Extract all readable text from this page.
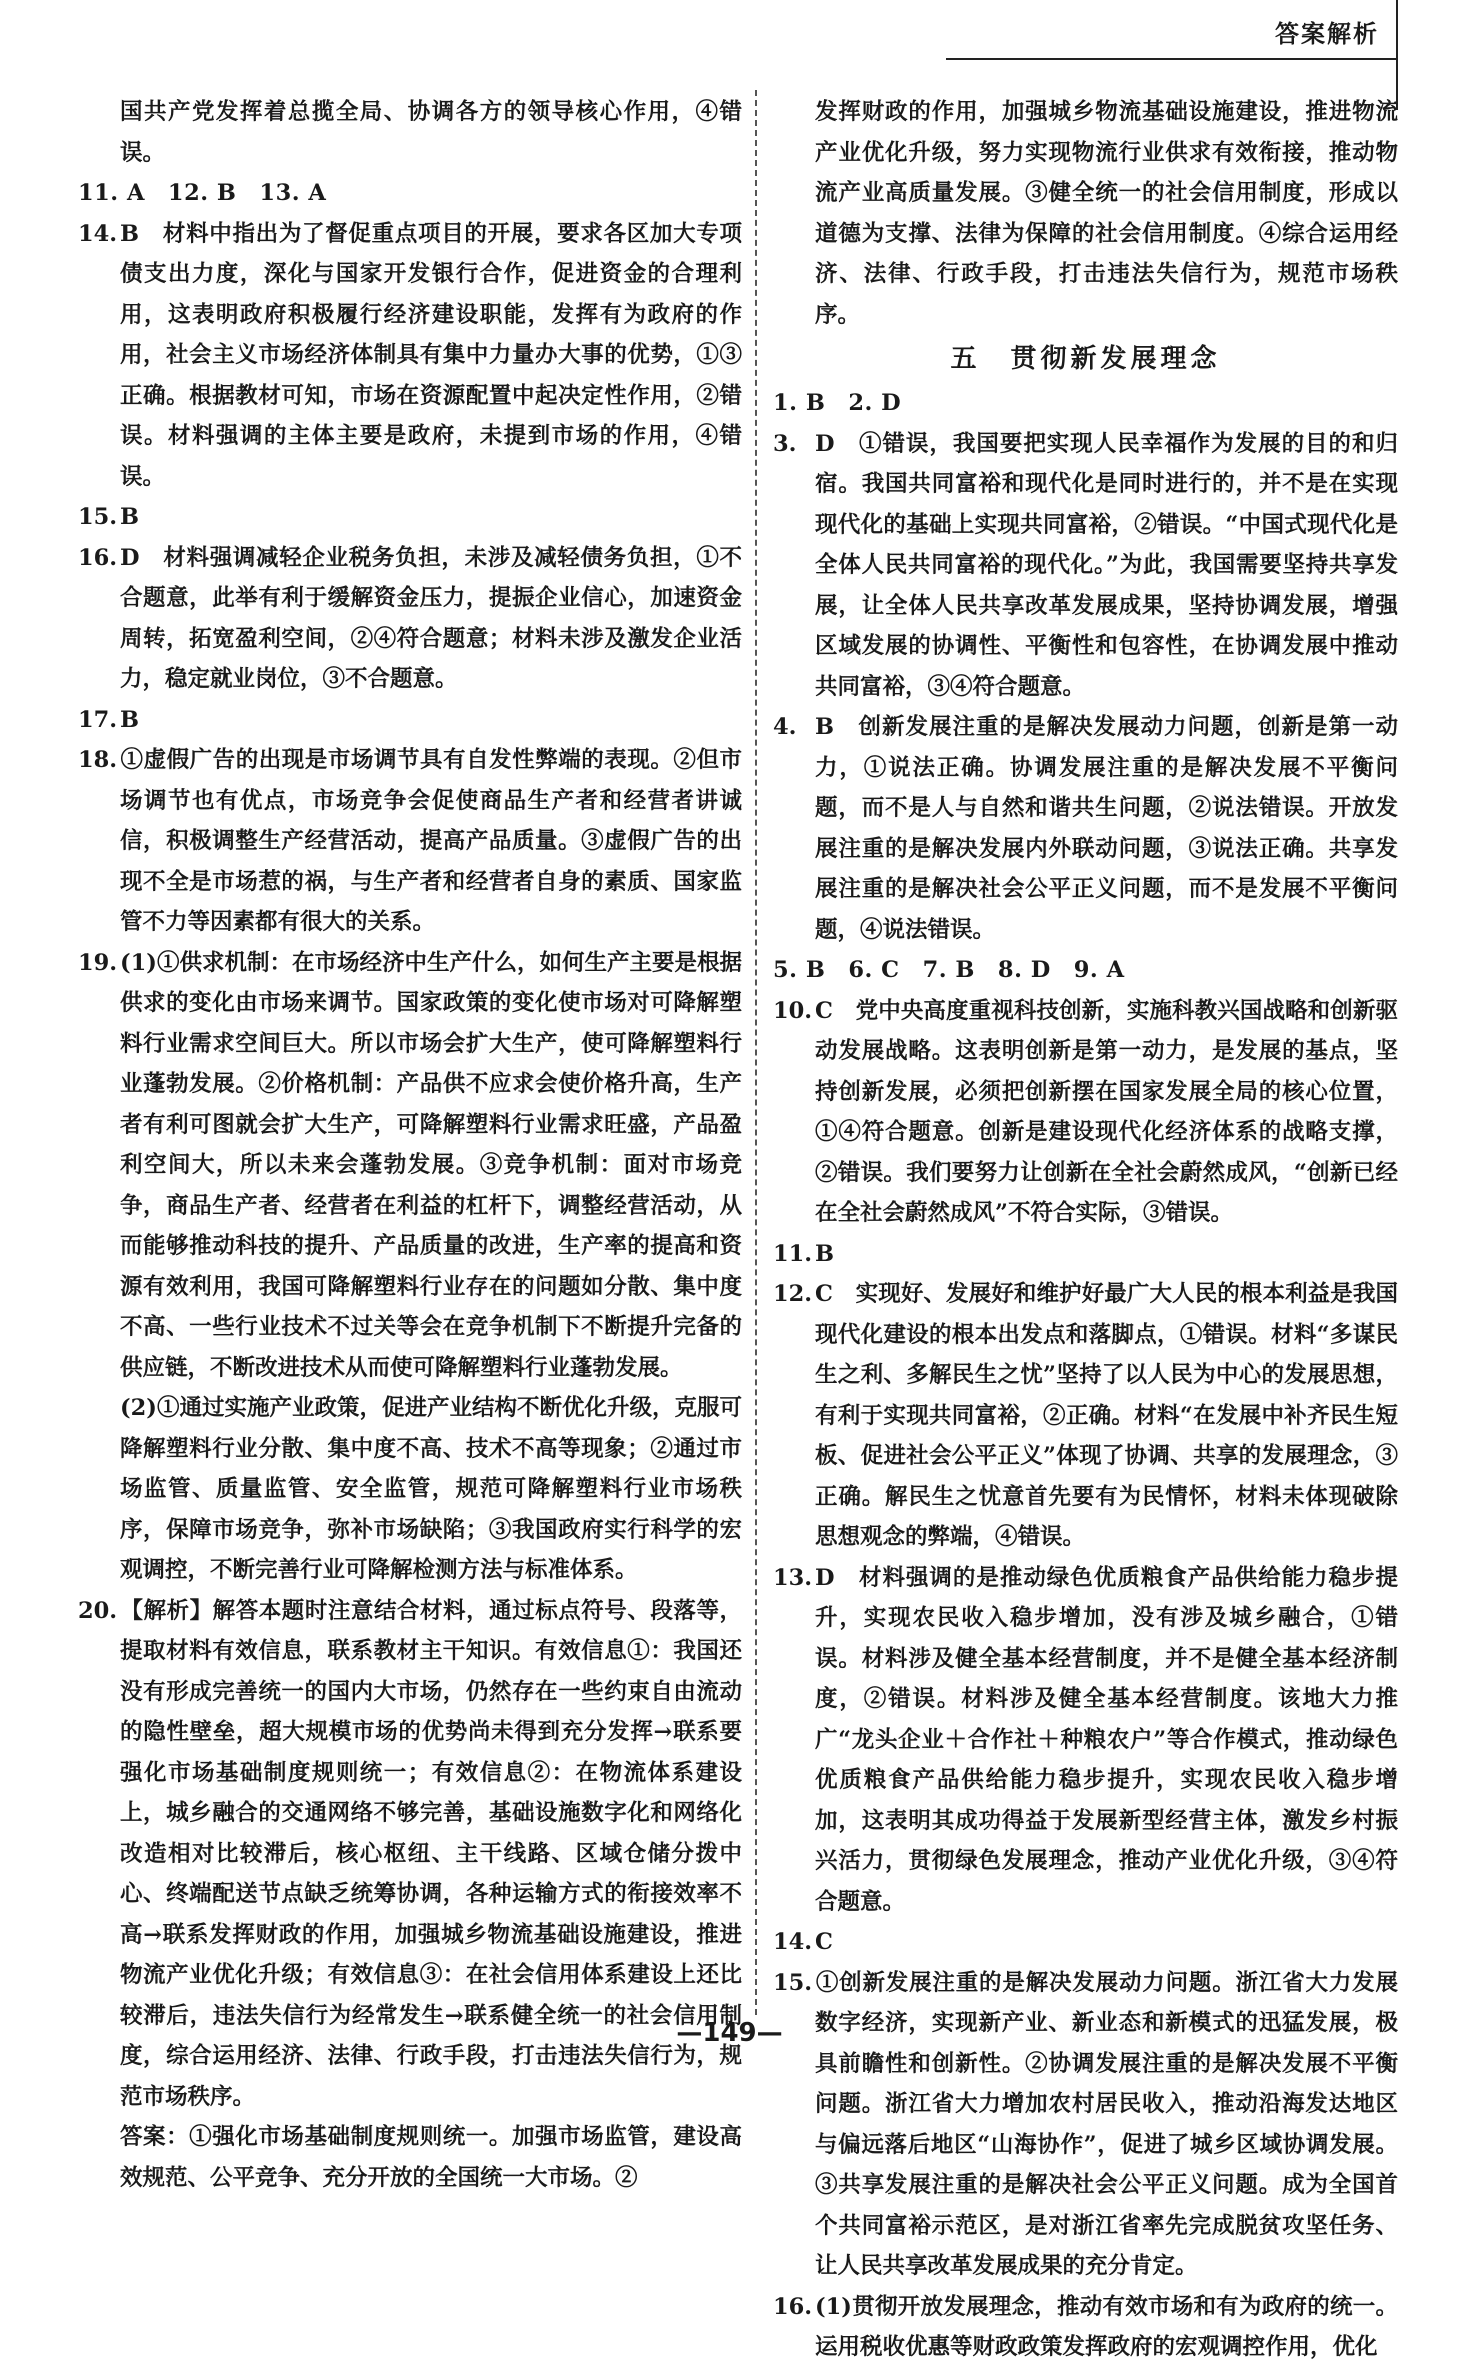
答案解析

国共产党发挥着总揽全局、协调各方的领导核心作用，④错误。

11. A　12. B　13. A

14. B　材料中指出为了督促重点项目的开展，要求各区加大专项债支出力度，深化与国家开发银行合作，促进资金的合理利用，这表明政府积极履行经济建设职能，发挥有为政府的作用，社会主义市场经济体制具有集中力量办大事的优势，①③正确。根据教材可知，市场在资源配置中起决定性作用，②错误。材料强调的主体主要是政府，未提到市场的作用，④错误。

15. B

16. D　材料强调减轻企业税务负担，未涉及减轻债务负担，①不合题意，此举有利于缓解资金压力，提振企业信心，加速资金周转，拓宽盈利空间，②④符合题意；材料未涉及激发企业活力，稳定就业岗位，③不合题意。

17. B

18. ①虚假广告的出现是市场调节具有自发性弊端的表现。②但市场调节也有优点，市场竞争会促使商品生产者和经营者讲诚信，积极调整生产经营活动，提高产品质量。③虚假广告的出现不全是市场惹的祸，与生产者和经营者自身的素质、国家监管不力等因素都有很大的关系。

19. (1)①供求机制：在市场经济中生产什么，如何生产主要是根据供求的变化由市场来调节。国家政策的变化使市场对可降解塑料行业需求空间巨大。所以市场会扩大生产，使可降解塑料行业蓬勃发展。②价格机制：产品供不应求会使价格升高，生产者有利可图就会扩大生产，可降解塑料行业需求旺盛，产品盈利空间大，所以未来会蓬勃发展。③竞争机制：面对市场竞争，商品生产者、经营者在利益的杠杆下，调整经营活动，从而能够推动科技的提升、产品质量的改进，生产率的提高和资源有效利用，我国可降解塑料行业存在的问题如分散、集中度不高、一些行业技术不过关等会在竞争机制下不断提升完备的供应链，不断改进技术从而使可降解塑料行业蓬勃发展。

(2)①通过实施产业政策，促进产业结构不断优化升级，克服可降解塑料行业分散、集中度不高、技术不高等现象；②通过市场监管、质量监管、安全监管，规范可降解塑料行业市场秩序，保障市场竞争，弥补市场缺陷；③我国政府实行科学的宏观调控，不断完善行业可降解检测方法与标准体系。

20. 【解析】解答本题时注意结合材料，通过标点符号、段落等，提取材料有效信息，联系教材主干知识。有效信息①：我国还没有形成完善统一的国内大市场，仍然存在一些约束自由流动的隐性壁垒，超大规模市场的优势尚未得到充分发挥→联系要强化市场基础制度规则统一；有效信息②：在物流体系建设上，城乡融合的交通网络不够完善，基础设施数字化和网络化改造相对比较滞后，核心枢纽、主干线路、区域仓储分拨中心、终端配送节点缺乏统筹协调，各种运输方式的衔接效率不高→联系发挥财政的作用，加强城乡物流基础设施建设，推进物流产业优化升级；有效信息③：在社会信用体系建设上还比较滞后，违法失信行为经常发生→联系健全统一的社会信用制度，综合运用经济、法律、行政手段，打击违法失信行为，规范市场秩序。

答案：①强化市场基础制度规则统一。加强市场监管，建设高效规范、公平竞争、充分开放的全国统一大市场。②

发挥财政的作用，加强城乡物流基础设施建设，推进物流产业优化升级，努力实现物流行业供求有效衔接，推动物流产业高质量发展。③健全统一的社会信用制度，形成以道德为支撑、法律为保障的社会信用制度。④综合运用经济、法律、行政手段，打击违法失信行为，规范市场秩序。

五　贯彻新发展理念

1. B　2. D

3. D　①错误，我国要把实现人民幸福作为发展的目的和归宿。我国共同富裕和现代化是同时进行的，并不是在实现现代化的基础上实现共同富裕，②错误。“中国式现代化是全体人民共同富裕的现代化。”为此，我国需要坚持共享发展，让全体人民共享改革发展成果，坚持协调发展，增强区域发展的协调性、平衡性和包容性，在协调发展中推动共同富裕，③④符合题意。

4. B　创新发展注重的是解决发展动力问题，创新是第一动力，①说法正确。协调发展注重的是解决发展不平衡问题，而不是人与自然和谐共生问题，②说法错误。开放发展注重的是解决发展内外联动问题，③说法正确。共享发展注重的是解决社会公平正义问题，而不是发展不平衡问题，④说法错误。

5. B　6. C　7. B　8. D　9. A

10. C　党中央高度重视科技创新，实施科教兴国战略和创新驱动发展战略。这表明创新是第一动力，是发展的基点，坚持创新发展，必须把创新摆在国家发展全局的核心位置，①④符合题意。创新是建设现代化经济体系的战略支撑，②错误。我们要努力让创新在全社会蔚然成风，“创新已经在全社会蔚然成风”不符合实际，③错误。

11. B

12. C　实现好、发展好和维护好最广大人民的根本利益是我国现代化建设的根本出发点和落脚点，①错误。材料“多谋民生之利、多解民生之忧”坚持了以人民为中心的发展思想，有利于实现共同富裕，②正确。材料“在发展中补齐民生短板、促进社会公平正义”体现了协调、共享的发展理念，③正确。解民生之忧意首先要有为民情怀，材料未体现破除思想观念的弊端，④错误。

13. D　材料强调的是推动绿色优质粮食产品供给能力稳步提升，实现农民收入稳步增加，没有涉及城乡融合，①错误。材料涉及健全基本经营制度，并不是健全基本经济制度，②错误。材料涉及健全基本经营制度。该地大力推广“龙头企业＋合作社＋种粮农户”等合作模式，推动绿色优质粮食产品供给能力稳步提升，实现农民收入稳步增加，这表明其成功得益于发展新型经营主体，激发乡村振兴活力，贯彻绿色发展理念，推动产业优化升级，③④符合题意。

14. C

15. ①创新发展注重的是解决发展动力问题。浙江省大力发展数字经济，实现新产业、新业态和新模式的迅猛发展，极具前瞻性和创新性。②协调发展注重的是解决发展不平衡问题。浙江省大力增加农村居民收入，推动沿海发达地区与偏远落后地区“山海协作”，促进了城乡区域协调发展。③共享发展注重的是解决社会公平正义问题。成为全国首个共同富裕示范区，是对浙江省率先完成脱贫攻坚任务、让人民共享改革发展成果的充分肯定。

16. (1)贯彻开放发展理念，推动有效市场和有为政府的统一。运用税收优惠等财政政策发挥政府的宏观调控作用，优化

—149—
